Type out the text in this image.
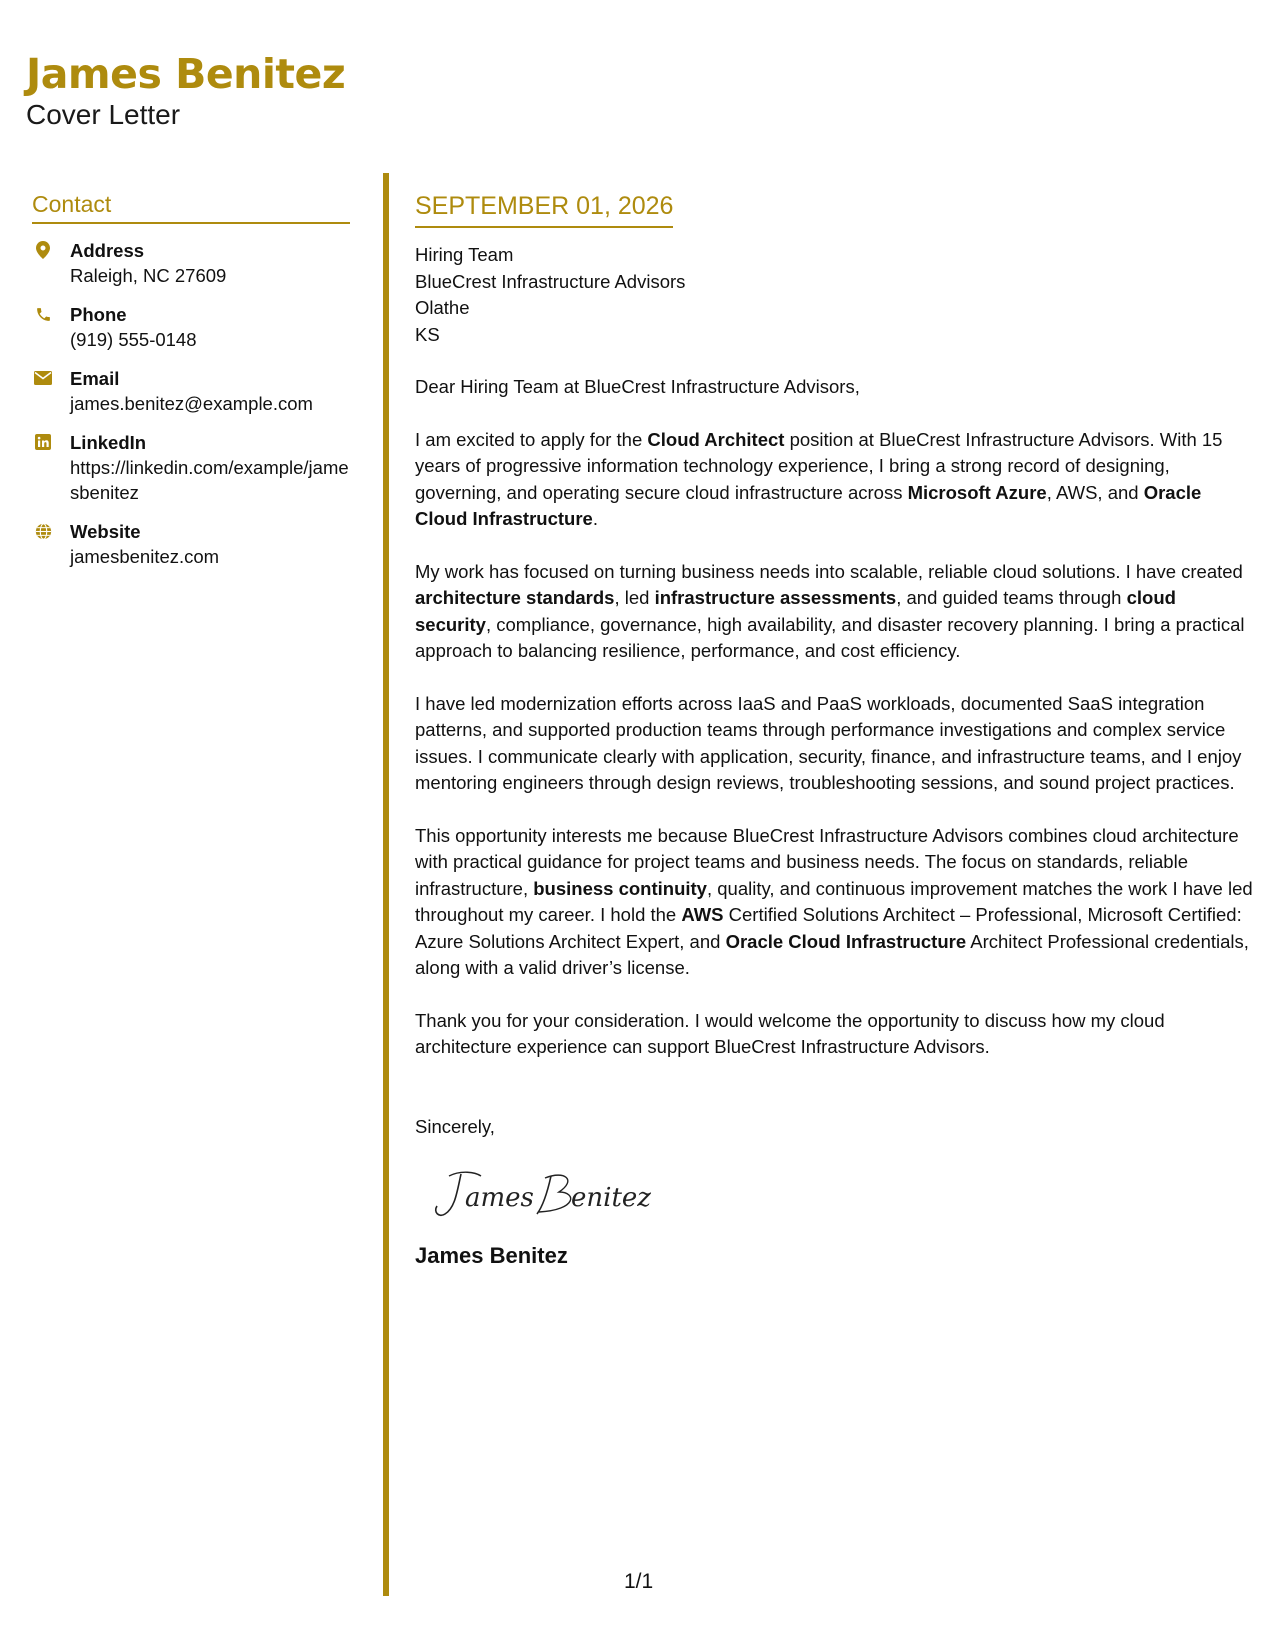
James Benitez
Cover Letter
Contact
Address
Raleigh, NC 27609
Phone
(919) 555-0148
Email
james.benitez@example.com
LinkedIn
https://linkedin.com/example/jamesbenitez
Website
jamesbenitez.com
SEPTEMBER 01, 2026
Hiring Team
BlueCrest Infrastructure Advisors
Olathe
KS
Dear Hiring Team at BlueCrest Infrastructure Advisors,
I am excited to apply for the Cloud Architect position at BlueCrest Infrastructure Advisors. With 15 years of progressive information technology experience, I bring a strong record of designing, governing, and operating secure cloud infrastructure across Microsoft Azure, AWS, and Oracle Cloud Infrastructure.
My work has focused on turning business needs into scalable, reliable cloud solutions. I have created architecture standards, led infrastructure assessments, and guided teams through cloud security, compliance, governance, high availability, and disaster recovery planning. I bring a practical approach to balancing resilience, performance, and cost efficiency.
I have led modernization efforts across IaaS and PaaS workloads, documented SaaS integration patterns, and supported production teams through performance investigations and complex service issues. I communicate clearly with application, security, finance, and infrastructure teams, and I enjoy mentoring engineers through design reviews, troubleshooting sessions, and sound project practices.
This opportunity interests me because BlueCrest Infrastructure Advisors combines cloud architecture with practical guidance for project teams and business needs. The focus on standards, reliable infrastructure, business continuity, quality, and continuous improvement matches the work I have led throughout my career. I hold the AWS Certified Solutions Architect – Professional, Microsoft Certified: Azure Solutions Architect Expert, and Oracle Cloud Infrastructure Architect Professional credentials, along with a valid driver’s license.
Thank you for your consideration. I would welcome the opportunity to discuss how my cloud architecture experience can support BlueCrest Infrastructure Advisors.
Sincerely,
ames enitez
James Benitez
1/1
